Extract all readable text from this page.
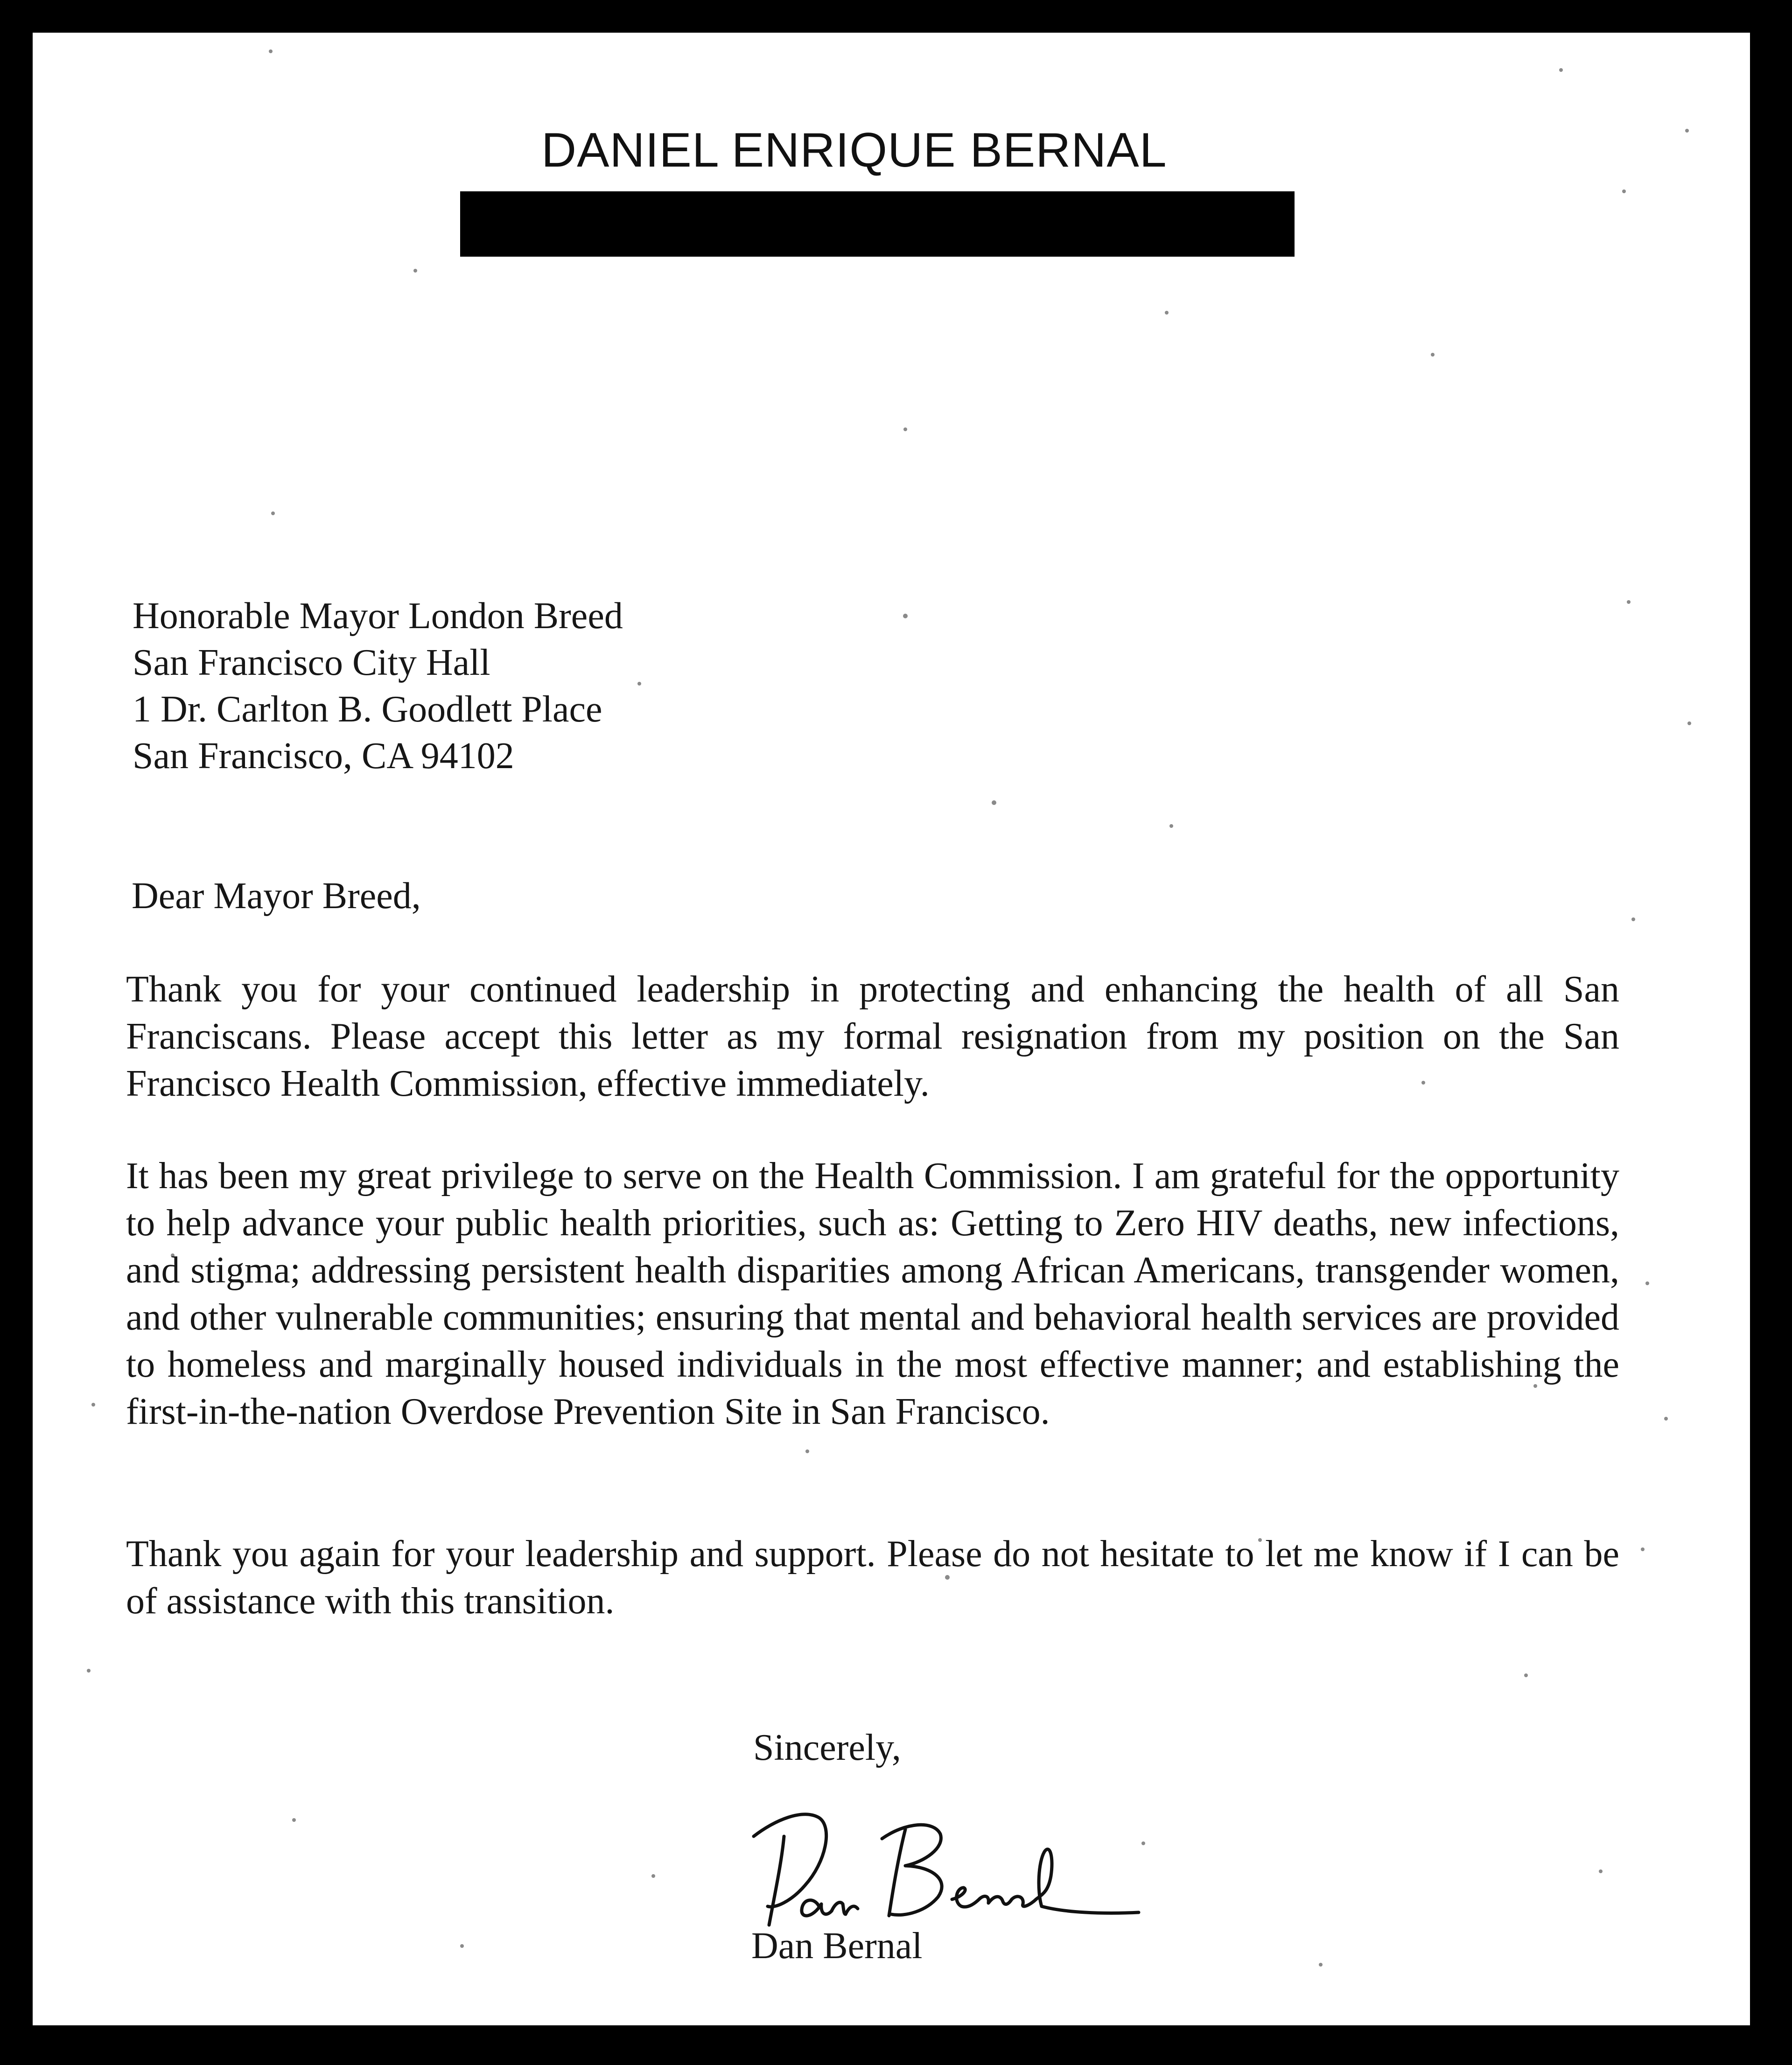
DANIEL ENRIQUE BERNAL
Honorable Mayor London Breed
San Francisco City Hall
1 Dr. Carlton B. Goodlett Place
San Francisco, CA 94102

Dear Mayor Breed,

Thank you for your continued leadership in protecting and enhancing the health of all San Franciscans. Please accept this letter as my formal resignation from my position on the San Francisco Health Commission, effective immediately.

It has been my great privilege to serve on the Health Commission. I am grateful for the opportunity to help advance your public health priorities, such as: Getting to Zero HIV deaths, new infections, and stigma; addressing persistent health disparities among African Americans, transgender women, and other vulnerable communities; ensuring that mental and behavioral health services are provided to homeless and marginally housed individuals in the most effective manner; and establishing the first-in-the-nation Overdose Prevention Site in San Francisco.

Thank you again for your leadership and support. Please do not hesitate to let me know if I can be of assistance with this transition.

Sincerely,

Dan Bernal
